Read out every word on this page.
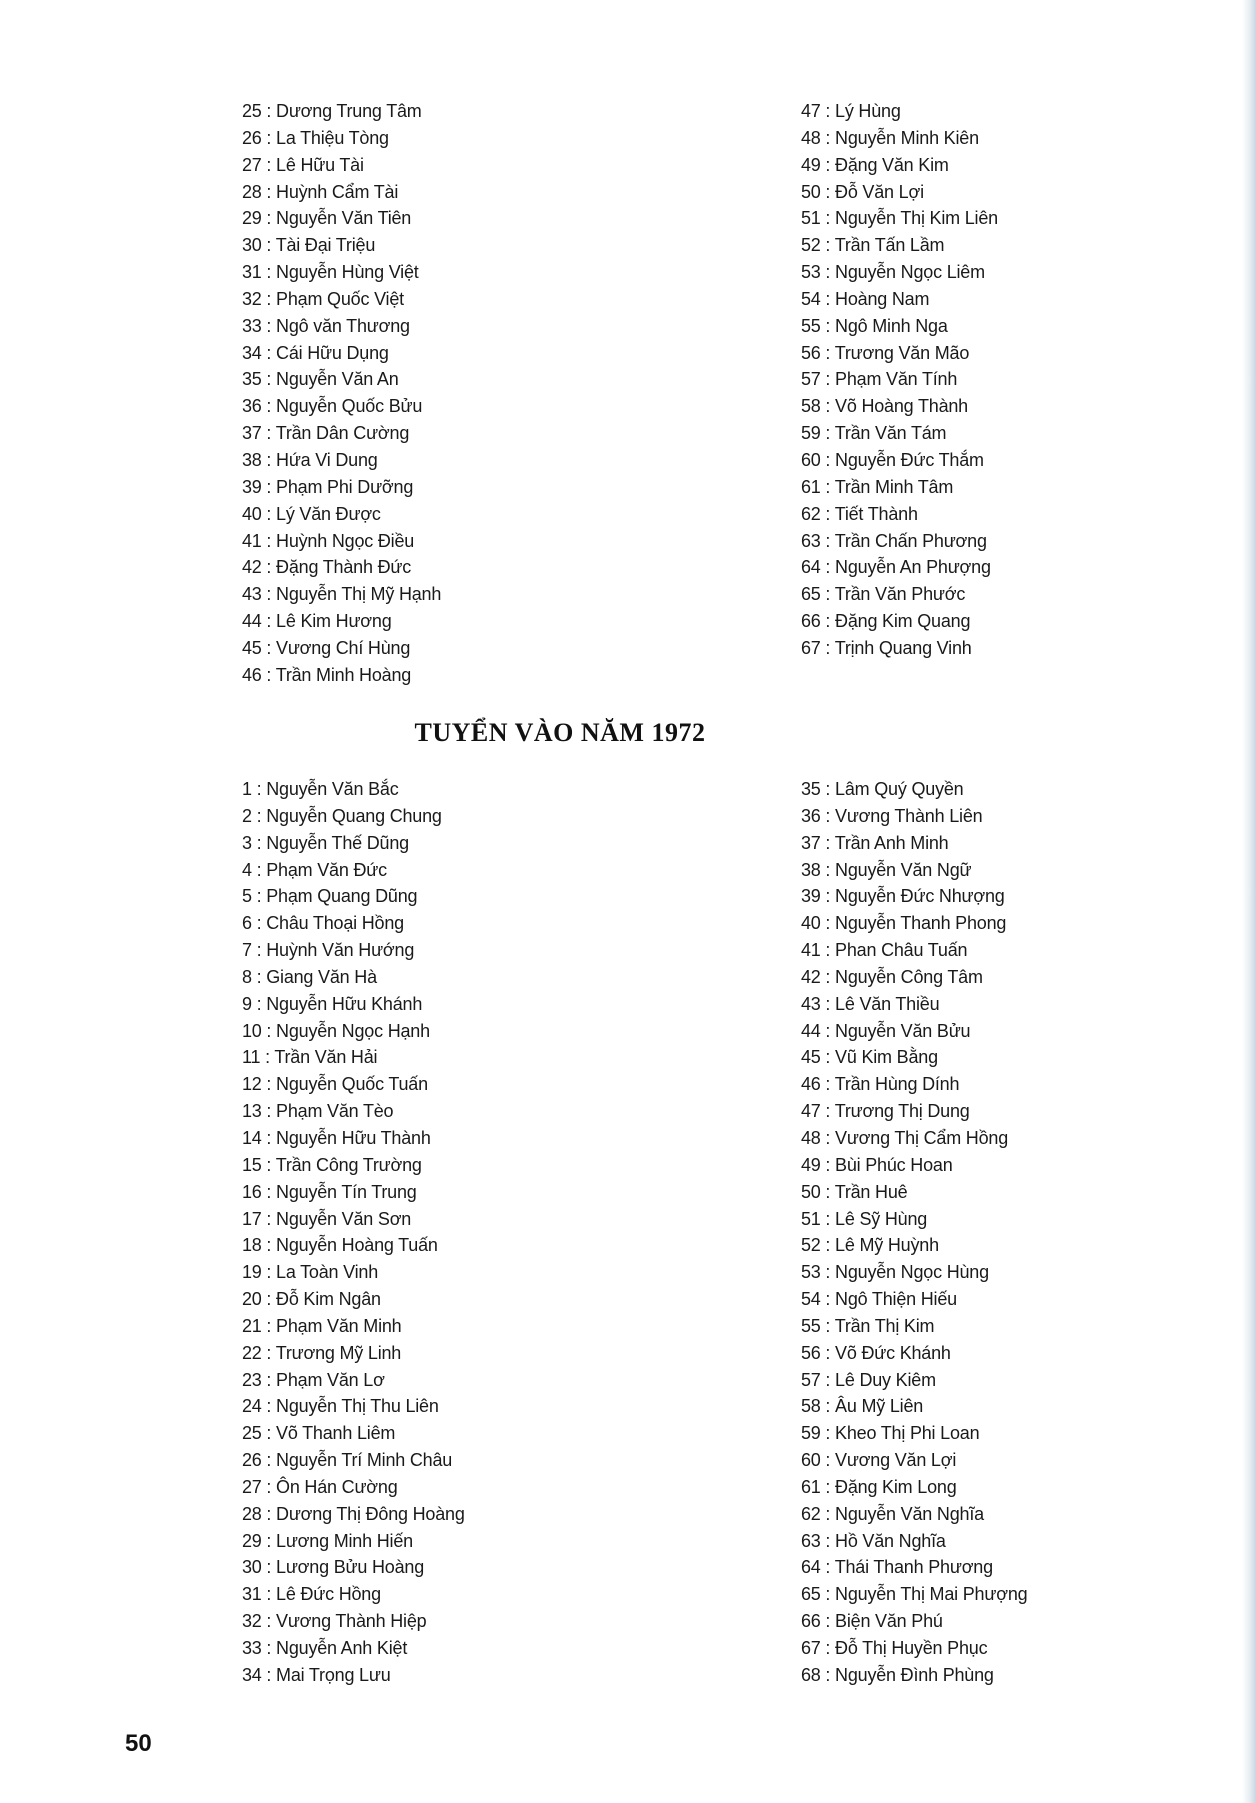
25 : Dương Trung Tâm
26 : La Thiệu Tòng
27 : Lê Hữu Tài
28 : Huỳnh Cẩm Tài
29 : Nguyễn Văn Tiên
30 : Tài Đại Triệu
31 : Nguyễn Hùng Việt
32 : Phạm Quốc Việt
33 : Ngô văn Thương
34 : Cái Hữu Dụng
35 : Nguyễn Văn An
36 : Nguyễn Quốc Bửu
37 : Trần Dân Cường
38 : Hứa Vi Dung
39 : Phạm Phi Dưỡng
40 : Lý Văn Được
41 : Huỳnh Ngọc Điều
42 : Đặng Thành Đức
43 : Nguyễn Thị Mỹ Hạnh
44 : Lê Kim Hương
45 : Vương Chí Hùng
46 : Trần Minh Hoàng
47 : Lý Hùng
48 : Nguyễn Minh Kiên
49 : Đặng Văn Kim
50 : Đỗ Văn Lợi
51 : Nguyễn Thị Kim Liên
52 : Trần Tấn Lầm
53 : Nguyễn Ngọc Liêm
54 : Hoàng Nam
55 : Ngô Minh Nga
56 : Trương Văn Mão
57 : Phạm Văn Tính
58 : Võ Hoàng Thành
59 : Trần Văn Tám
60 : Nguyễn Đức Thắm
61 : Trần Minh Tâm
62 : Tiết Thành
63 : Trần Chấn Phương
64 : Nguyễn An Phượng
65 : Trần Văn Phước
66 : Đặng Kim Quang
67 : Trịnh Quang Vinh
TUYỂN VÀO NĂM 1972
1 : Nguyễn Văn Bắc
2 : Nguyễn Quang Chung
3 : Nguyễn Thế Dũng
4 : Phạm Văn Đức
5 : Phạm Quang Dũng
6 : Châu Thoại Hồng
7 : Huỳnh Văn Hướng
8 : Giang Văn Hà
9 : Nguyễn Hữu Khánh
10 : Nguyễn Ngọc Hạnh
11 : Trần Văn Hải
12 : Nguyễn Quốc Tuấn
13 : Phạm Văn Tèo
14 : Nguyễn Hữu Thành
15 : Trần Công Trường
16 : Nguyễn Tín Trung
17 : Nguyễn Văn Sơn
18 : Nguyễn Hoàng Tuấn
19 : La Toàn Vinh
20 : Đỗ Kim Ngân
21 : Phạm Văn Minh
22 : Trương Mỹ Linh
23 : Phạm Văn Lơ
24 : Nguyễn Thị Thu Liên
25 : Võ Thanh Liêm
26 : Nguyễn Trí Minh Châu
27 : Ôn Hán Cường
28 : Dương Thị Đông Hoàng
29 : Lương Minh Hiến
30 : Lương Bửu Hoàng
31 : Lê Đức Hồng
32 : Vương Thành Hiệp
33 : Nguyễn Anh Kiệt
34 : Mai Trọng Lưu
35 : Lâm Quý Quyền
36 : Vương Thành Liên
37 : Trần Anh Minh
38 : Nguyễn Văn Ngữ
39 : Nguyễn Đức Nhượng
40 : Nguyễn Thanh Phong
41 : Phan Châu Tuấn
42 : Nguyễn Công Tâm
43 : Lê Văn Thiều
44 : Nguyễn Văn Bửu
45 : Vũ Kim Bằng
46 : Trần Hùng Dính
47 : Trương Thị Dung
48 : Vương Thị Cẩm Hồng
49 : Bùi Phúc Hoan
50 : Trần Huê
51 : Lê Sỹ Hùng
52 : Lê Mỹ Huỳnh
53 : Nguyễn Ngọc Hùng
54 : Ngô Thiện Hiếu
55 : Trần Thị Kim
56 : Võ Đức Khánh
57 : Lê Duy Kiêm
58 : Âu Mỹ Liên
59 : Kheo Thị Phi Loan
60 : Vương Văn Lợi
61 : Đặng Kim Long
62 : Nguyễn Văn Nghĩa
63 : Hồ Văn Nghĩa
64 : Thái Thanh Phương
65 : Nguyễn Thị Mai Phượng
66 : Biện Văn Phú
67 : Đỗ Thị Huyền Phục
68 : Nguyễn Đình Phùng
50
